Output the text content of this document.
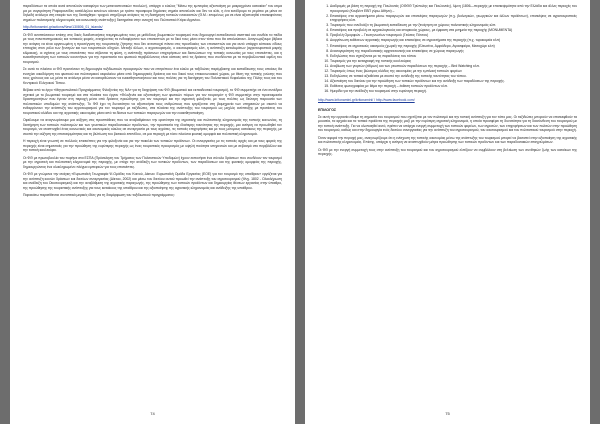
παραδόσεων τα οποία αυτά αποτελούν καταφύγιο των μεταναστευτικών πουλιών), υπάρχει ο κύκλος "Μέσω της εμπειρίας αξιοποίηση με μακροχρόνιο κατοικίαν" του κτιμα μα με συγκρότηση Ραφαρουνίδες κατάλληλου κανόνων κάνουν με τρόπο προσφορα δημόσιες σημεία αποτελούν και δεν να αλέι, η ένα εισόδρομο το ρεμάτιο με μάνα σε δηλαδή ανάλογα στη εταιρία των της διατάχθηκε: τροχιού στηρίζουμε ανάγκες τις τη διατήρηση τοπικών ενοικιαστών (Θ.Μ.: επομένως μα σε είναι αξιοποιηθεί επισκεφτόντας σημείων πολιτισμικής κληρονομιάς και κοινωνικής ανάπτυξης) διατηρείται στην ανοιχτή του Πολιτιστικό Κτίριο Αγρινίου.

http://kritonamini.gr/actions/New/130806_01_islands/

Οι ΦΘ αναπτύσσουν επίσης στις δικές δυαδοποιήσεις τεκμηριωμένες τους με μεθόδους βιωματικών τουρισμού που δημιουργεί εκπαιδευτικό σκεπτικό και συνδέει τα πεδία με τους πανεπιστημιακούς και τοπικούς φορείς, ενισχύοντας τα ενδιαφέροντα των επισκεπτών με το δικό τους μέσο στον τόπο που θα απολαύσουν. Αναγνωρίζουμε βέβαια την ανάγκη να είναι οργανωμένη η προσέγγιση της τουριστικής ζήτησης που δεν αντιστοιχεί πάντα στις προσδοκίες των επισκεπτών και για αυτό υπάρχει κάποιου είδους επιτυχίας στον ρόλο των ξεναγών και των τουριστικών οδηγών. Μεταξύ άλλων, ο αγροτουρισμός, ο οικοτουρισμός κλπ, η ανάπτυξη καταλυμάτων (αγροτουριστικά μικρής κλίμακας), οι σχέσεις με τους επισκέπτες που σέβονται τη φύση, η ανάπτυξη πράσινων επιχειρήσεων και δικτυώσεων της τοπικής κοινωνίας με τους επισκέπτες, και η ευαισθητοποίηση των τοπικών κοινοτήτων για την προστασία του φυσικού περιβάλλοντος είναι κάποιες από τις δράσεις που συνδέονται με τα περιβαλλοντικά οφέλη του τουρισμού.

Σε αυτό το πλαίσιο οι ΦΘ προτείνουν τη δημιουργία ταξιδιωτικών προορισμών που να επιτρέπουν ένα κύκλο με ταξιδιώτες παρέμβασης και εκπαίδευσης τους οποίους θα ενισχύει οικοδόμηση του φυσικού και πολιτισμικού κεφαλαίου μέσα από δημιουργικές δράσεις και του δικού τους επικοινωνιακού χώρου, με θέση της τοπικής γνώσης που τους χρόνους και ως μέσα τα ανάλογα μέσα να κατορθώσουν να ευαισθητοποιήσουν και τους πολίτες για τη διατήρηση του Πολιτιστικού Κεφαλαίου της Πόλης τους και του Κεντρικού Ελληνικού Τόπου.

Βέβαια από το έργο «Μητροπολιτικό Προγράμματος Φιλοξενίας της ΝΑ» για τη διαχείριση του ΦΘ (Βιωματικό και εκπαιδευτικό τουρισμό), το ΦΘ συμμετείχε σε ένα συνέδριο σχετικά με το βιωματικό τουρισμό και στα πλαίσια του έργου «Φιλοξενία και αξιοποίηση των φυσικών πόρων για τον τουρισμό» η ΦΘ συμμετείχε στην προετοιμασία δραστηριοτήτων που έγιναν στη περιοχή μέσα από δράσεις προώθησης για τον τουρισμό και την αγροτική φιλοξενία, με τους πολίτες ως δεύτερη παρουσία των πολιτιστικών υποδομών της ανάπτυξης. Το ΦΘ έχει τη δυνατότητα να αξιοποιήσει τους ανθρώπους που εργάζονται στη βιομηχανία των υπηρεσιών με σκοπό να ενθαρρύνουν την ανάπτυξη του αγροτουρισμού για τον τουρισμό με ταξιδιώτες, στα πλαίσια της ανάπτυξης του τουρισμού ως μοχλός ανάπτυξης με προτάσεις του τουριστικού κλάδου και της αγροτικής οικονομίας μέσα από τα δίκτυα των τοπικών παραγωγών και την ευαισθητοποίηση.

Οφείλουμε να αναγνωρίσουμε μια αύξηση στις προσπάθειες που να αναβαθμίσουν την ορατότητα της αγροτικής και πολιτιστικής κληρονομιάς της τοπικής κοινωνίας, τη διατήρηση των τοπικών πολιτισμών και των γευστικών παραδοσιακών προϊόντων, την προστασία της ιδιαίτερης ταυτότητας της περιοχής, μια ανάγκη να προωθηθεί τον τουρισμό, να αναπτυχθεί ένας κοινωνικός και οικονομικός κύκλος σε συνεργασία με τους αγρότες, τις τοπικές επιχειρήσεις και με τους μόνιμους κατοίκους της περιοχής, με σκοπό την αύξηση της επισκεψιμότητας και τη βελτίωση του βιοτικού επιπέδου, σε μια περιοχή με τόσο πλούσια φυσική ομορφιά και πολιτιστική κληρονομιά.

Η περιοχή είναι γνωστή σε πολλούς επισκέπτες για την φιλοξενία και για την ποικιλία των τοπικών προϊόντων. Οι συνεργασίες με τις τοπικές αρχές και με τους φορείς της περιοχής είναι σημαντικές για την προώθηση της ευρύτερης περιοχής ως ένας τουριστικός προορισμός με υψηλή ποιότητα υπηρεσιών και με σεβασμό στο περιβάλλον και την τοπική κουλτούρα.

Οι ΦΘ με πρωτοβουλία του πυρήνα στα ΕΣΠΑ (Πρόσκληση του Τμήματος των Πολιτιστικών Υποδομών) έχουν εκπονήσει ένα σύνολο δράσεων που συνδέουν τον τουρισμό με την αγροτική και πολιτιστική κληρονομιά της περιοχής, με στόχο την ανάδειξη των τοπικών προϊόντων, των παραδόσεων και της φυσικής ομορφιάς της περιοχής, δημιουργώντας ένα ολοκληρωμένο πλέγμα εμπειριών για τους επισκέπτες.

Οι ΦΘ με γνώμονα την ανάγκη «Ευρωπαϊκή Γεωγραφία Ψ-Ομάδες του Κοινού, Δίκτυο: Ευρωπαϊκή Ομάδα Εργασίας (ΕΟΕ) για τον τουρισμό της υπαίθρου» εργάζεται για την ανάπτυξη κοινών δράσεων και δικτύων συνεργασίας (Δίκτυο, 2002) και μέσω του δικτύου αυτού προωθεί την ανάπτυξη του αγροτουρισμού (Ψυχ. 1802 - Ολοκλήρωση και ανάδειξη του Οικοτουρισμού) και την αναβάθμιση της αγροτικής παραγωγής, της προώθησης των τοπικών προϊόντων και δημιουργίας θέσεων εργασίας στην ύπαιθρο, της προώθησης της τουριστικής ανάπτυξης για τους κατοίκους της υπαίθρου και της αξιοποίησης της αγροτικής κληρονομιάς και ανάδειξης της υπαίθρου.

Παρακάτω παρατίθενται συνοπτικά μερικές ιδέες για τη διαμόρφωση του ταξιδιωτικού προγράμματος:

74
1. Διαδρομές με βάση τη περιοχή της Πουλονιάς (ΟΘΘΘ Τρύπολης και Πουλονιάς), λίμνη (1806—περιοχής με επισκεψιμότητα από την Ελλάδα και άλλες περιοχές του προορισμού (Κουβέντ ΕΒΠ γύρω Αθήνα) –
2. Επισκέψεις στα αγροκτήματα μέσω παραγωγών και επισκέψεις παραγωγών (π.χ. βιολογικών, γεωργικών και άλλων προϊόντων), επισκέψεις σε αγροτουριστικές επιχειρήσεις κλπ.
3. Τουρισμός που συνδυάζει τη βιωματική εκπαίδευση με την ξενάγηση σε χώρους πολιτιστικής κληρονομιάς κλπ.
4. Επισκέψεις και προβολή σε αρχαιολογικούς και ιστορικούς χώρους, με έμφαση στα μνημεία της περιοχής (MONUMENTA)
5. Προβολή Ομορφιών – Γευσιγνωσίων τουρισμού (Γεύσεις Πόντου)
6. Διοργάνωση εκθέσεων αγροτικής παραγωγής και επισκέψεις σε αγροκτήματα της περιοχής (π.χ. τυροκομεία κλπ)
7. Επισκέψεις σε αγροτικούς οικισμούς (χωριά) της περιοχής (Ελευσίνα, Αμιράδερο, Αγιασφαίρα, Μεσοχώρι κλπ)
8. Ανασυγκρότηση της παραδοσιακής αρχιτεκτονικής και επισκέψεις σε χώρους παραγωγής
9. Εκδηλώσεις που σχετίζονται με τις παραδόσεις του τόπου
10. Τουρισμός για την καταγραφή της τοπικής κουλτούρας
11. Αναβίωση των γιορτών (εθίμων) και των γευστικών παραδόσεων της περιοχής – Bird Watching κλπ.
12. Τουρισμός όπως ένας βιώσιμος κλάδος της οικονομίας με την εμπλοκή τοπικών φορέων
13. Εκδηλώσεις σε τοπικά αξιοθέατα με σκοπό την ανάδειξη της τοπικής ταυτότητας του τόπου.
14. Αξιοποίηση του δικτύου για την προώθηση των τοπικών προϊόντων και την ανάδειξη των παραδόσεων της περιοχής.
15. Εκθέσεις φωτογραφίας με θέμα την περιοχή – έκθεση τοπικών προϊόντων κλπ.
16. Ημερίδα για την ανάδειξη του τουρισμού στην ευρύτερη περιοχή.

http://www.kritonamini.gr/kritonamini/ / http://www.facebook.com/

ΕΠΙΛΟΓΟΣ

Σε αυτή την εργασία είδαμε τη σημασία του τουρισμού που σχετίζεται με τον πολιτισμό και την τοπική ανάπτυξη για τον τόπο μας. Οι ταξιδιώτες μπορούν να επισκεφθούν τα μουσεία, τα αρχαία και τα τοπικά προϊόντα της περιοχής μαζί με την ευρύτερη αγροτική κληρονομιά, η οποία προσφέρει τη δυνατότητα για τη διασύνδεση του τουρισμού με την τοπική ανάπτυξη. Για να υλοποιηθεί αυτό, πρέπει να υπάρχει ενεργή συμμετοχή των τοπικών φορέων, των αγροτών, των επιχειρήσεων και των πολιτών στην προώθηση του τουρισμού, καθώς και στην δημιουργία ενός δικτύου συνεργασίας για την ανάπτυξη του αγροτουρισμού, του οικοτουρισμού και του πολιτιστικού τουρισμού στην περιοχή.

Όσον αφορά την περιοχή μας, αναγνωρίζουμε ότι η ενίσχυση της τοπικής οικονομίας μέσω της ανάπτυξης του τουρισμού μπορεί να βασιστεί στην αξιοποίηση της αγροτικής και πολιτιστικής κληρονομιάς. Επίσης, υπάρχει η ανάγκη να αναπτυχθούν μέτρα προώθησης των τοπικών προϊόντων και των παραδοσιακών επαγγελμάτων.

Οι ΦΘ με την ενεργή συμμετοχή τους στην ανάπτυξη του τουρισμού και του αγροτουρισμού ελπίζουν να συμβάλουν στη βελτίωση των συνθηκών ζωής των κατοίκων της περιοχής.

75
